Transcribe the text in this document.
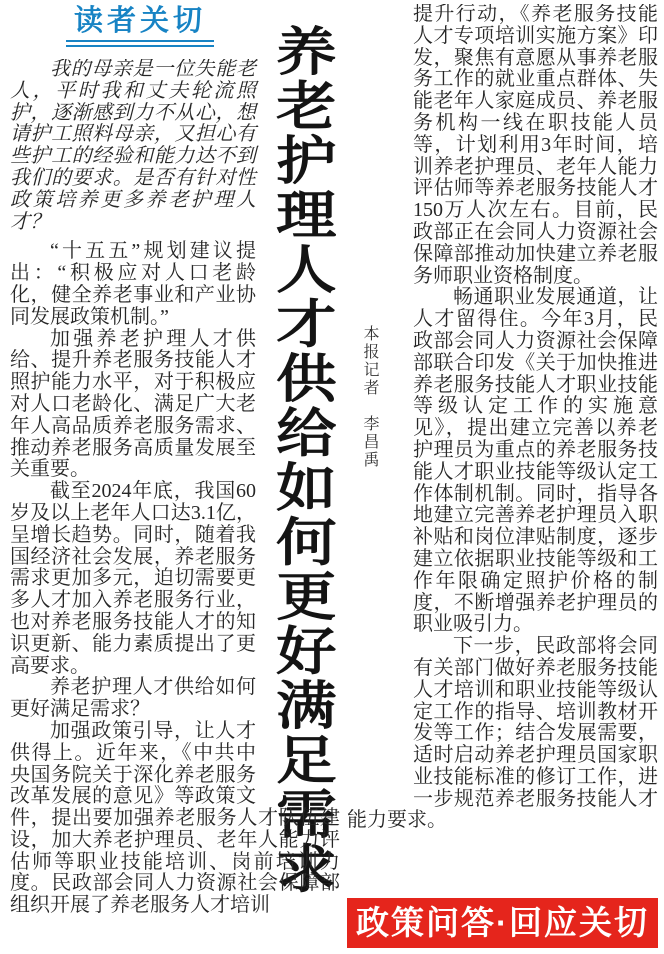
读者关切
养老护理人才供给如何更好满足需求	本报记者　李昌禹

我的母亲是一位失能老人，平时我和丈夫轮流照护，逐渐感到力不从心，想请护工照料母亲，又担心有些护工的经验和能力达不到我们的要求。是否有针对性政策培养更多养老护理人才？

“十五五”规划建议提出：“积极应对人口老龄化，健全养老事业和产业协同发展政策机制。”

加强养老护理人才供给、提升养老服务技能人才照护能力水平，对于积极应对人口老龄化、满足广大老年人高品质养老服务需求、推动养老服务高质量发展至关重要。

截至2024年底，我国60岁及以上老年人口达3.1亿，呈增长趋势。同时，随着我国经济社会发展，养老服务需求更加多元，迫切需要更多人才加入养老服务行业，也对养老服务技能人才的知识更新、能力素质提出了更高要求。

养老护理人才供给如何更好满足需求？

加强政策引导，让人才供得上。近年来，《中共中央国务院关于深化养老服务改革发展的意见》等政策文件，提出要加强养老服务人才队伍建设，加大养老护理员、老年人能力评估师等职业技能培训、岗前培训力度。民政部会同人力资源社会保障部组织开展了养老服务人才培训

提升行动，《养老服务技能人才专项培训实施方案》印发，聚焦有意愿从事养老服务工作的就业重点群体、失能老年人家庭成员、养老服务机构一线在职技能人员等，计划利用3年时间，培训养老护理员、老年人能力评估师等养老服务技能人才150万人次左右。目前，民政部正在会同人力资源社会保障部推动加快建立养老服务师职业资格制度。

畅通职业发展通道，让人才留得住。今年3月，民政部会同人力资源社会保障部联合印发《关于加快推进养老服务技能人才职业技能等级认定工作的实施意见》，提出建立完善以养老护理员为重点的养老服务技能人才职业技能等级认定工作体制机制。同时，指导各地建立完善养老护理员入职补贴和岗位津贴制度，逐步建立依据职业技能等级和工作年限确定照护价格的制度，不断增强养老护理员的职业吸引力。

下一步，民政部将会同有关部门做好养老服务技能人才培训和职业技能等级认定工作的指导、培训教材开发等工作；结合发展需要，适时启动养老护理员国家职业技能标准的修订工作，进一步规范养老服务技能人才能力要求。

政策问答·回应关切
